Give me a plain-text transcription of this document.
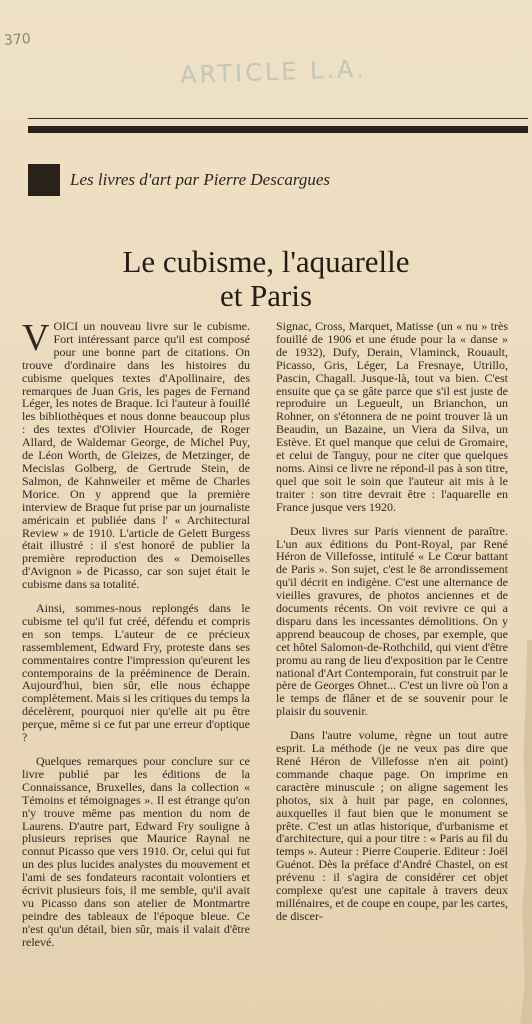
370
ARTICLE L.A.
Les livres d'art par Pierre Descargues
Le cubisme, l'aquarelle
et Paris

VOICI un nouveau livre sur le cubisme. Fort intéressant parce qu'il est composé pour une bonne part de citations. On trouve d'ordinaire dans les histoires du cubisme quelques textes d'Apollinaire, des remarques de Juan Gris, les pages de Fernand Léger, les notes de Braque. Ici l'auteur à fouillé les bibliothèques et nous donne beaucoup plus : des textes d'Olivier Hourcade, de Roger Allard, de Waldemar George, de Michel Puy, de Léon Worth, de Gleizes, de Metzinger, de Mecislas Golberg, de Gertrude Stein, de Salmon, de Kahnweiler et même de Charles Morice. On y apprend que la première interview de Braque fut prise par un journaliste américain et publiée dans l' « Architectural Review » de 1910. L'article de Gelett Burgess était illustré : il s'est honoré de publier la première reproduction des « Demoiselles d'Avignon » de Picasso, car son sujet était le cubisme dans sa totalité.

Ainsi, sommes-nous replongés dans le cubisme tel qu'il fut créé, défendu et compris en son temps. L'auteur de ce précieux rassemblement, Edward Fry, proteste dans ses commentaires contre l'impression qu'eurent les contemporains de la prééminence de Derain. Aujourd'hui, bien sûr, elle nous échappe complètement. Mais si les critiques du temps la décelèrent, pourquoi nier qu'elle ait pu être perçue, même si ce fut par une erreur d'optique ?

Quelques remarques pour conclure sur ce livre publié par les éditions de la Connaissance, Bruxelles, dans la collection « Témoins et témoignages ». Il est étrange qu'on n'y trouve même pas mention du nom de Laurens. D'autre part, Edward Fry souligne à plusieurs reprises que Maurice Raynal ne connut Picasso que vers 1910. Or, celui qui fut un des plus lucides analystes du mouvement et l'ami de ses fondateurs racontait volontiers et écrivit plusieurs fois, il me semble, qu'il avait vu Picasso dans son atelier de Montmartre peindre des tableaux de l'époque bleue. Ce n'est qu'un détail, bien sûr, mais il valait d'être relevé.

Signac, Cross, Marquet, Matisse (un « nu » très fouillé de 1906 et une étude pour la « danse » de 1932), Dufy, Derain, Vlaminck, Rouault, Picasso, Gris, Léger, La Fresnaye, Utrillo, Pascin, Chagall. Jusque-là, tout va bien. C'est ensuite que ça se gâte parce que s'il est juste de reproduire un Legueult, un Brianchon, un Rohner, on s'étonnera de ne point trouver là un Beaudin, un Bazaine, un Viera da Silva, un Estève. Et quel manque que celui de Gromaire, et celui de Tanguy, pour ne citer que quelques noms. Ainsi ce livre ne répond-il pas à son titre, quel que soit le soin que l'auteur ait mis à le traiter : son titre devrait être : l'aquarelle en France jusque vers 1920.

Deux livres sur Paris viennent de paraître. L'un aux éditions du Pont-Royal, par René Héron de Villefosse, intitulé « Le Cœur battant de Paris ». Son sujet, c'est le 8e arrondissement qu'il décrit en indigène. C'est une alternance de vieilles gravures, de photos anciennes et de documents récents. On voit revivre ce qui a disparu dans les incessantes démolitions. On y apprend beaucoup de choses, par exemple, que cet hôtel Salomon-de-Rothchild, qui vient d'être promu au rang de lieu d'exposition par le Centre national d'Art Contemporain, fut construit par le père de Georges Ohnet... C'est un livre où l'on a le temps de flâner et de se souvenir pour le plaisir du souvenir.

Dans l'autre volume, règne un tout autre esprit. La méthode (je ne veux pas dire que René Héron de Villefosse n'en ait point) commande chaque page. On imprime en caractère minuscule ; on aligne sagement les photos, six à huit par page, en colonnes, auxquelles il faut bien que le monument se prête. C'est un atlas historique, d'urbanisme et d'architecture, qui a pour titre : « Paris au fil du temps ». Auteur : Pierre Couperie. Editeur : Joël Guénot. Dès la préface d'André Chastel, on est prévenu : il s'agira de considérer cet objet complexe qu'est une capitale à travers deux millénaires, et de coupe en coupe, par les cartes, de discer-
